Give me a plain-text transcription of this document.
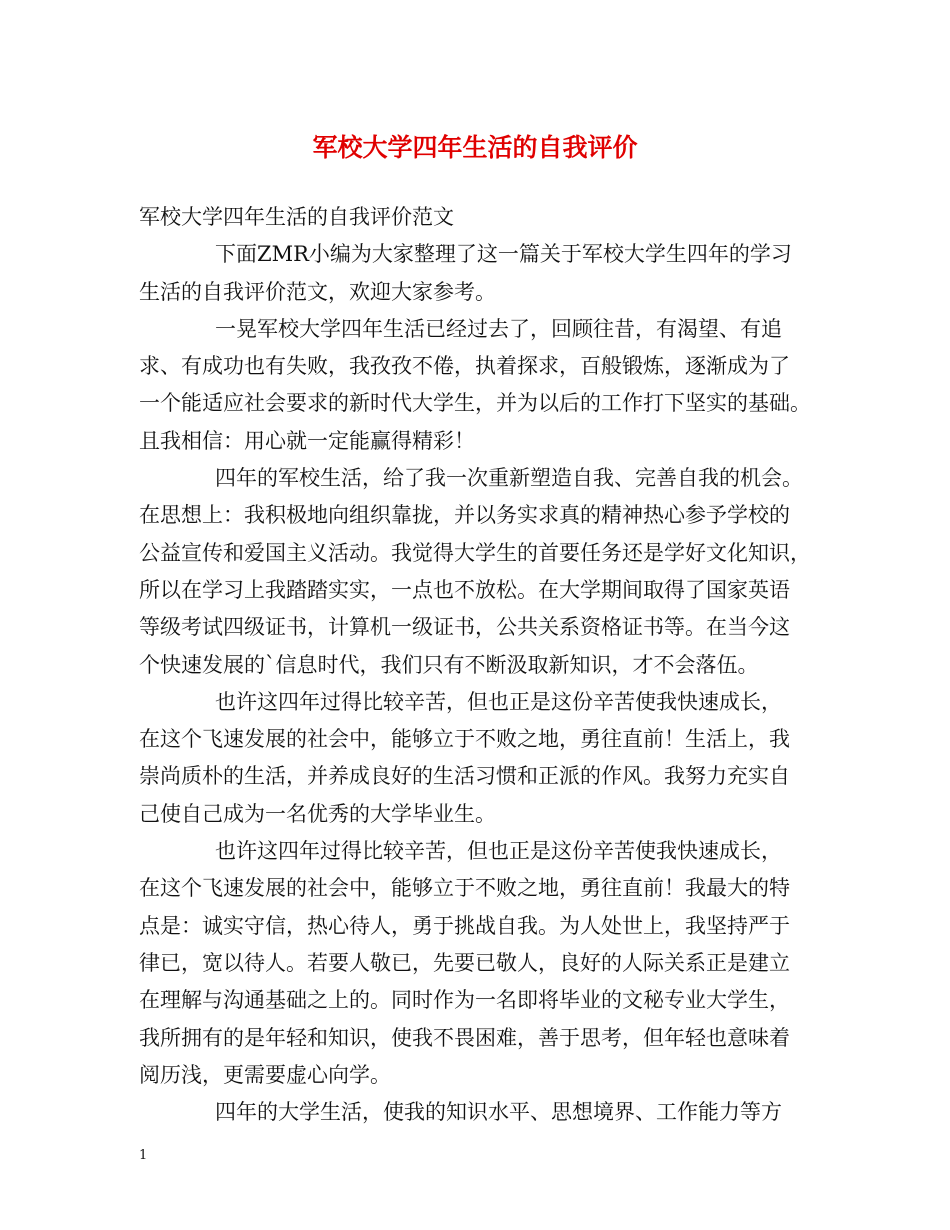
军校大学四年生活的自我评价
军校大学四年生活的自我评价范文
下面ZMR小编为大家整理了这一篇关于军校大学生四年的学习
生活的自我评价范文，欢迎大家参考。
一晃军校大学四年生活已经过去了，回顾往昔，有渴望、有追
求、有成功也有失败，我孜孜不倦，执着探求，百般锻炼，逐渐成为了
一个能适应社会要求的新时代大学生，并为以后的工作打下坚实的基础。
且我相信：用心就一定能赢得精彩！
四年的军校生活，给了我一次重新塑造自我、完善自我的机会。
在思想上：我积极地向组织靠拢，并以务实求真的精神热心参予学校的
公益宣传和爱国主义活动。我觉得大学生的首要任务还是学好文化知识，
所以在学习上我踏踏实实，一点也不放松。在大学期间取得了国家英语
等级考试四级证书，计算机一级证书，公共关系资格证书等。在当今这
个快速发展的`信息时代，我们只有不断汲取新知识，才不会落伍。
也许这四年过得比较辛苦，但也正是这份辛苦使我快速成长，
在这个飞速发展的社会中，能够立于不败之地，勇往直前！生活上，我
崇尚质朴的生活，并养成良好的生活习惯和正派的作风。我努力充实自
己使自己成为一名优秀的大学毕业生。
也许这四年过得比较辛苦，但也正是这份辛苦使我快速成长，
在这个飞速发展的社会中，能够立于不败之地，勇往直前！我最大的特
点是：诚实守信，热心待人，勇于挑战自我。为人处世上，我坚持严于
律已，宽以待人。若要人敬已，先要已敬人，良好的人际关系正是建立
在理解与沟通基础之上的。同时作为一名即将毕业的文秘专业大学生，
我所拥有的是年轻和知识，使我不畏困难，善于思考，但年轻也意味着
阅历浅，更需要虚心向学。
四年的大学生活，使我的知识水平、思想境界、工作能力等方
1
